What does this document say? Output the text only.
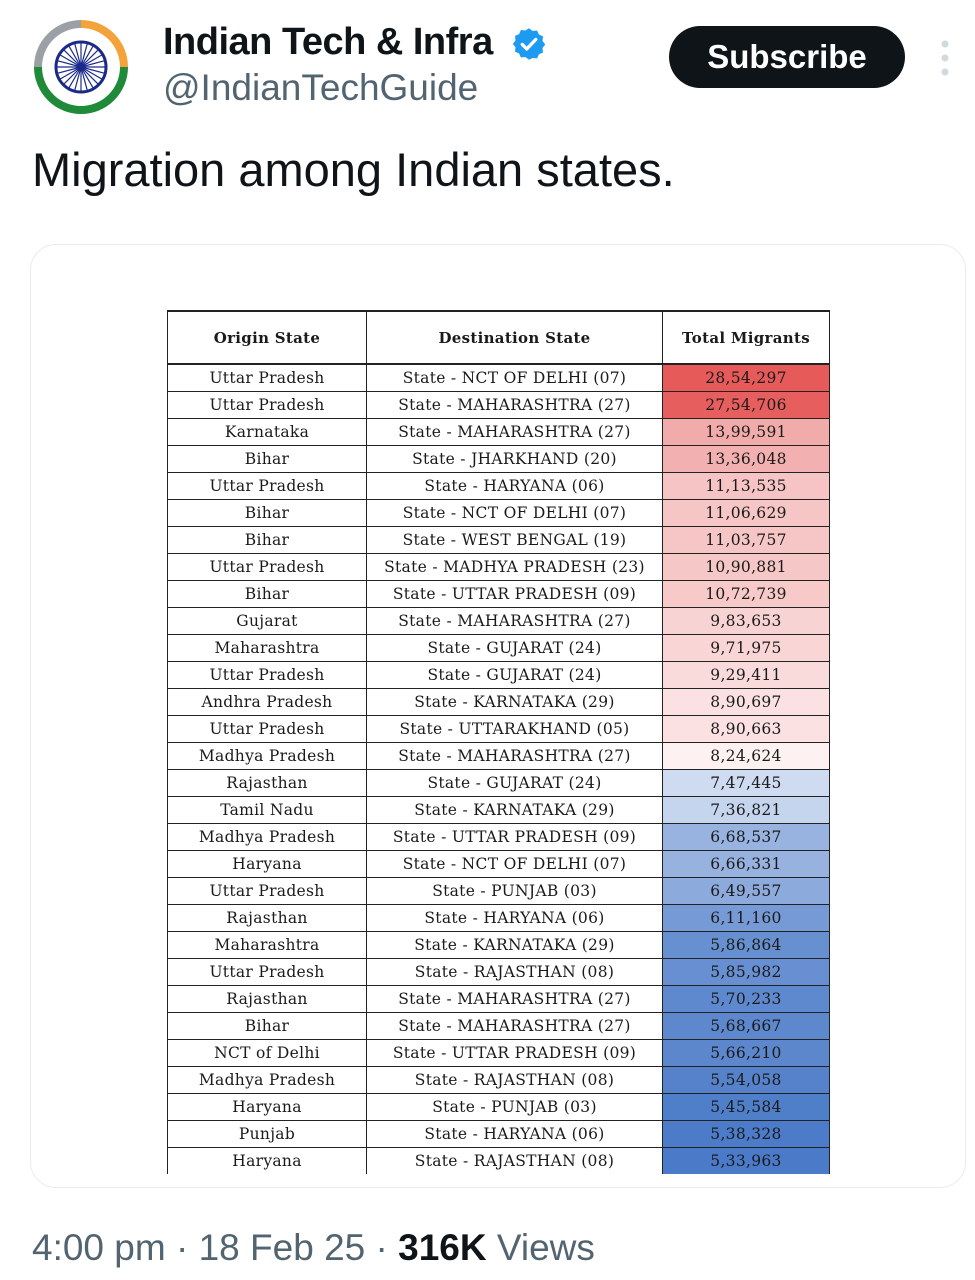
Indian Tech & Infra
@IndianTechGuide
Subscribe
Migration among Indian states.
Origin State	Destination State	Total Migrants
Uttar Pradesh	State - NCT OF DELHI (07)	28,54,297
Uttar Pradesh	State - MAHARASHTRA (27)	27,54,706
Karnataka	State - MAHARASHTRA (27)	13,99,591
Bihar	State - JHARKHAND (20)	13,36,048
Uttar Pradesh	State - HARYANA (06)	11,13,535
Bihar	State - NCT OF DELHI (07)	11,06,629
Bihar	State - WEST BENGAL (19)	11,03,757
Uttar Pradesh	State - MADHYA PRADESH (23)	10,90,881
Bihar	State - UTTAR PRADESH (09)	10,72,739
Gujarat	State - MAHARASHTRA (27)	9,83,653
Maharashtra	State - GUJARAT (24)	9,71,975
Uttar Pradesh	State - GUJARAT (24)	9,29,411
Andhra Pradesh	State - KARNATAKA (29)	8,90,697
Uttar Pradesh	State - UTTARAKHAND (05)	8,90,663
Madhya Pradesh	State - MAHARASHTRA (27)	8,24,624
Rajasthan	State - GUJARAT (24)	7,47,445
Tamil Nadu	State - KARNATAKA (29)	7,36,821
Madhya Pradesh	State - UTTAR PRADESH (09)	6,68,537
Haryana	State - NCT OF DELHI (07)	6,66,331
Uttar Pradesh	State - PUNJAB (03)	6,49,557
Rajasthan	State - HARYANA (06)	6,11,160
Maharashtra	State - KARNATAKA (29)	5,86,864
Uttar Pradesh	State - RAJASTHAN (08)	5,85,982
Rajasthan	State - MAHARASHTRA (27)	5,70,233
Bihar	State - MAHARASHTRA (27)	5,68,667
NCT of Delhi	State - UTTAR PRADESH (09)	5,66,210
Madhya Pradesh	State - RAJASTHAN (08)	5,54,058
Haryana	State - PUNJAB (03)	5,45,584
Punjab	State - HARYANA (06)	5,38,328
Haryana	State - RAJASTHAN (08)	5,33,963
4:00 pm · 18 Feb 25 · 316K Views
